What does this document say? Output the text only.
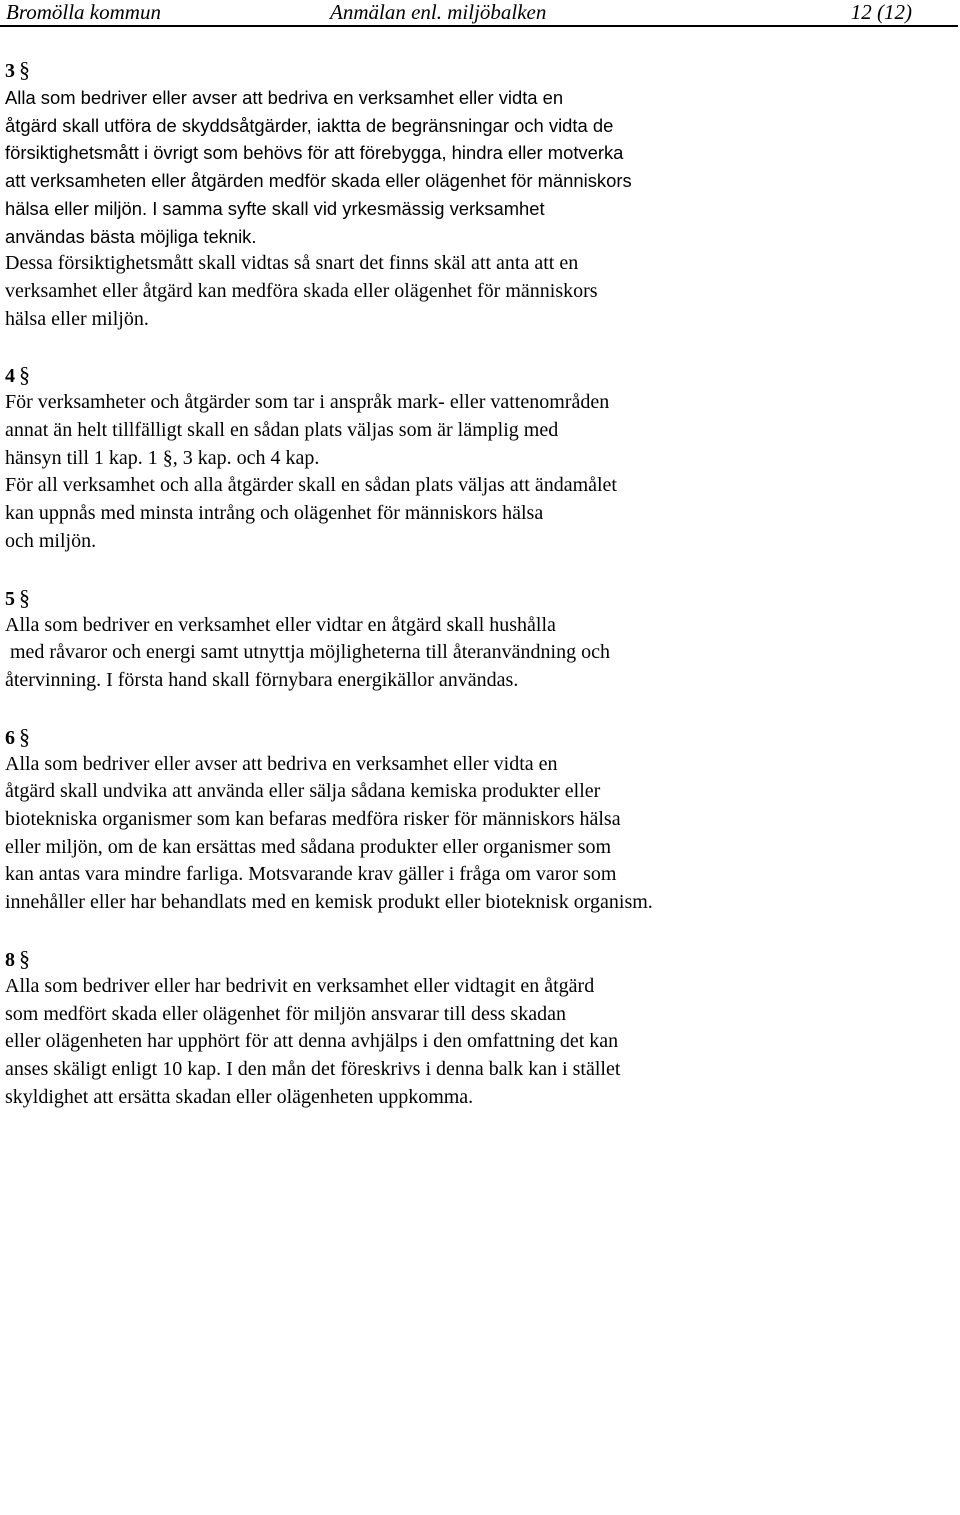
Bromölla kommun	Anmälan enl. miljöbalken	12 (12)
3 §
Alla som bedriver eller avser att bedriva en verksamhet eller vidta en
åtgärd skall utföra de skyddsåtgärder, iaktta de begränsningar och vidta de
försiktighetsmått i övrigt som behövs för att förebygga, hindra eller motverka
att verksamheten eller åtgärden medför skada eller olägenhet för människors
hälsa eller miljön. I samma syfte skall vid yrkesmässig verksamhet
användas bästa möjliga teknik.
Dessa försiktighetsmått skall vidtas så snart det finns skäl att anta att en
verksamhet eller åtgärd kan medföra skada eller olägenhet för människors
hälsa eller miljön.
4 §
För verksamheter och åtgärder som tar i anspråk mark- eller vattenområden
annat än helt tillfälligt skall en sådan plats väljas som är lämplig med
hänsyn till 1 kap. 1 §, 3 kap. och 4 kap.
För all verksamhet och alla åtgärder skall en sådan plats väljas att ändamålet
kan uppnås med minsta intrång och olägenhet för människors hälsa
och miljön.
5 §
Alla som bedriver en verksamhet eller vidtar en åtgärd skall hushålla
med råvaror och energi samt utnyttja möjligheterna till återanvändning och
återvinning. I första hand skall förnybara energikällor användas.
6 §
Alla som bedriver eller avser att bedriva en verksamhet eller vidta en
åtgärd skall undvika att använda eller sälja sådana kemiska produkter eller
biotekniska organismer som kan befaras medföra risker för människors hälsa
eller miljön, om de kan ersättas med sådana produkter eller organismer som
kan antas vara mindre farliga. Motsvarande krav gäller i fråga om varor som
innehåller eller har behandlats med en kemisk produkt eller bioteknisk organism.
8 §
Alla som bedriver eller har bedrivit en verksamhet eller vidtagit en åtgärd
som medfört skada eller olägenhet för miljön ansvarar till dess skadan
eller olägenheten har upphört för att denna avhjälps i den omfattning det kan
anses skäligt enligt 10 kap. I den mån det föreskrivs i denna balk kan i stället
skyldighet att ersätta skadan eller olägenheten uppkomma.
